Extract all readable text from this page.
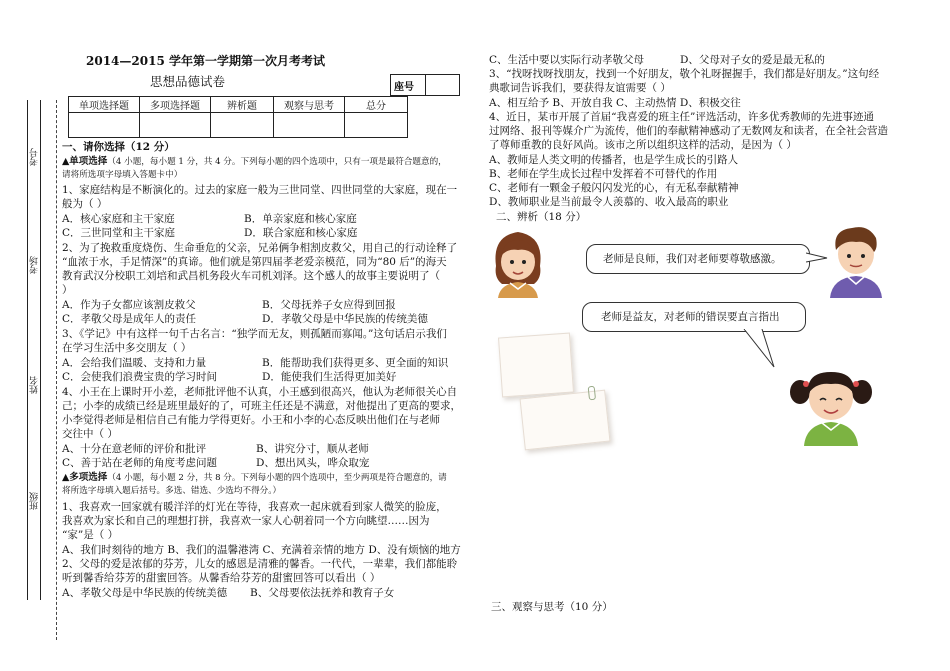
考号
考场
姓名
班级
2014—2015 学年第一学期第一次月考考试
思想品德试卷	座号
单项选择题	多项选择题	辨析题	观察与思考	总分

一、请你选择（12 分）
▲单项选择（4 小题，每小题 1 分，共 4 分。下列每小题的四个选项中，只有一项是最符合题意的，
请将所选项字母填入答题卡中）
1、家庭结构是不断演化的。过去的家庭一般为三世同堂、四世同堂的大家庭，现在一
般为（ ）
A．核心家庭和主干家庭	B．单亲家庭和核心家庭
C．三世同堂和主干家庭	D．联合家庭和核心家庭
2、为了挽救重度烧伤、生命垂危的父亲，兄弟俩争相割皮救父，用自己的行动诠释了
“血浓于水，手足情深”的真谛。他们就是第四届孝老爱亲模范，同为“80 后”的海天
教育武汉分校职工刘培和武昌机务段火车司机刘泽。这个感人的故事主要说明了（
）
A．作为子女都应该割皮救父	B．父母抚养子女应得到回报
C．孝敬父母是成年人的责任	D．孝敬父母是中华民族的传统美德
3、《学记》中有这样一句千古名言：“独学而无友，则孤陋而寡闻。”这句话启示我们
在学习生活中多交朋友（ ）
A．会给我们温暖、支持和力量	B．能帮助我们获得更多、更全面的知识
C．会使我们浪费宝贵的学习时间	D．能使我们生活得更加美好
4、小王在上课时开小差，老师批评他不认真，小王感到很高兴，他认为老师很关心自
己；小李的成绩已经是班里最好的了，可班主任还是不满意，对他提出了更高的要求，
小李觉得老师是相信自己有能力学得更好。小王和小李的心态反映出他们在与老师
交往中（ ）
A、十分在意老师的评价和批评	B、讲究分寸，顺从老师
C、善于站在老师的角度考虑问题	D、想出风头，哗众取宠
▲多项选择（4 小题，每小题 2 分，共 8 分。下列每小题的四个选项中，至少两项是符合题意的，请
将所选字母填入题后括号。多选、错选、少选均不得分。）
1、我喜欢一回家就有暖洋洋的灯光在等待，我喜欢一起床就看到家人微笑的脸庞，
我喜欢为家长和自己的理想打拼，我喜欢一家人心朝着同一个方向眺望……因为
“家”是（ ）
A、我们时刻待的地方 B、我们的温馨港湾 C、充满着亲情的地方 D、没有烦恼的地方
2、父母的爱是浓郁的芬芳，儿女的感恩是清雅的馨香。一代代，一辈辈，我们都能聆
听到馨香给芬芳的甜蜜回答。从馨香给芬芳的甜蜜回答可以看出（ ）
A、孝敬父母是中华民族的传统美德 B、父母要依法抚养和教育子女
C、生活中要以实际行动孝敬父母	D、父母对子女的爱是最无私的
3、“找呀找呀找朋友，找到一个好朋友，敬个礼呀握握手，我们都是好朋友。”这句经
典歌词告诉我们，要获得友谊需要（ ）
A、相互给予 B、开放自我 C、主动热情 D、积极交往
4、近日，某市开展了首届“我喜爱的班主任”评选活动，许多优秀教师的先进事迹通
过网络、报刊等媒介广为流传，他们的奉献精神感动了无数网友和读者，在全社会营造
了尊师重教的良好风尚。该市之所以组织这样的活动，是因为（ ）
A、教师是人类文明的传播者，也是学生成长的引路人
B、老师在学生成长过程中发挥着不可替代的作用
C、老师有一颗金子般闪闪发光的心，有无私奉献精神
D、教师职业是当前最令人羡慕的、收入最高的职业
二、辨析（18 分）
老师是良师，我们对老师要尊敬感激。
老师是益友，对老师的错误要直言指出
三、观察与思考（10 分）
